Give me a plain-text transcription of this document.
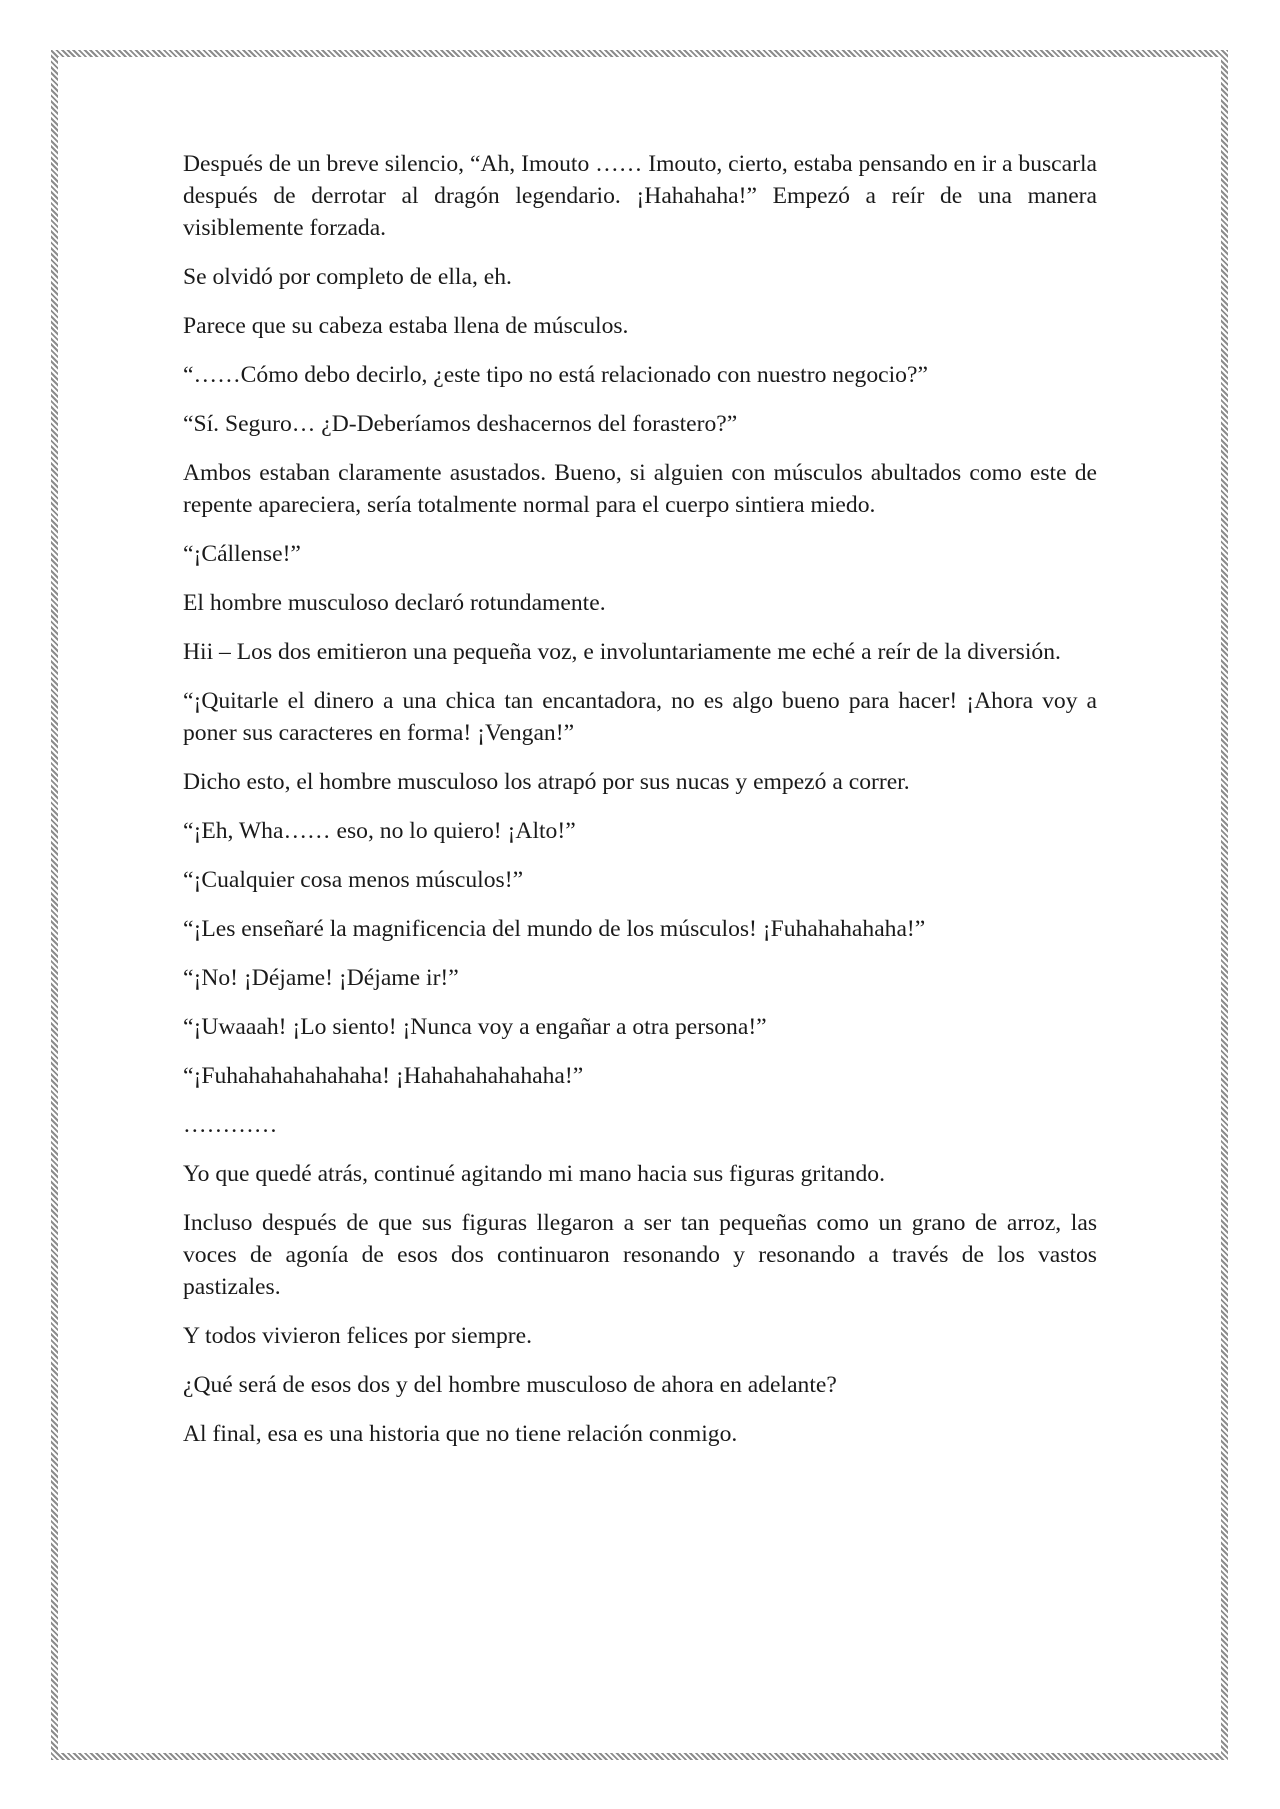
Después de un breve silencio, “Ah, Imouto …… Imouto, cierto, estaba pensando en ir a buscarla después de derrotar al dragón legendario. ¡Hahahaha!” Empezó a reír de una manera visiblemente forzada.

Se olvidó por completo de ella, eh.

Parece que su cabeza estaba llena de músculos.

“……Cómo debo decirlo, ¿este tipo no está relacionado con nuestro negocio?”

“Sí. Seguro… ¿D-Deberíamos deshacernos del forastero?”

Ambos estaban claramente asustados. Bueno, si alguien con músculos abultados como este de repente apareciera, sería totalmente normal para el cuerpo sintiera miedo.

“¡Cállense!”

El hombre musculoso declaró rotundamente.

Hii – Los dos emitieron una pequeña voz, e involuntariamente me eché a reír de la diversión.

“¡Quitarle el dinero a una chica tan encantadora, no es algo bueno para hacer! ¡Ahora voy a poner sus caracteres en forma! ¡Vengan!”

Dicho esto, el hombre musculoso los atrapó por sus nucas y empezó a correr.

“¡Eh, Wha…… eso, no lo quiero! ¡Alto!”

“¡Cualquier cosa menos músculos!”

“¡Les enseñaré la magnificencia del mundo de los músculos! ¡Fuhahahahaha!”

“¡No! ¡Déjame! ¡Déjame ir!”

“¡Uwaaah! ¡Lo siento! ¡Nunca voy a engañar a otra persona!”

“¡Fuhahahahahahaha! ¡Hahahahahahaha!”

…………

Yo que quedé atrás, continué agitando mi mano hacia sus figuras gritando.

Incluso después de que sus figuras llegaron a ser tan pequeñas como un grano de arroz, las voces de agonía de esos dos continuaron resonando y resonando a través de los vastos pastizales.

Y todos vivieron felices por siempre.

¿Qué será de esos dos y del hombre musculoso de ahora en adelante?

Al final, esa es una historia que no tiene relación conmigo.
